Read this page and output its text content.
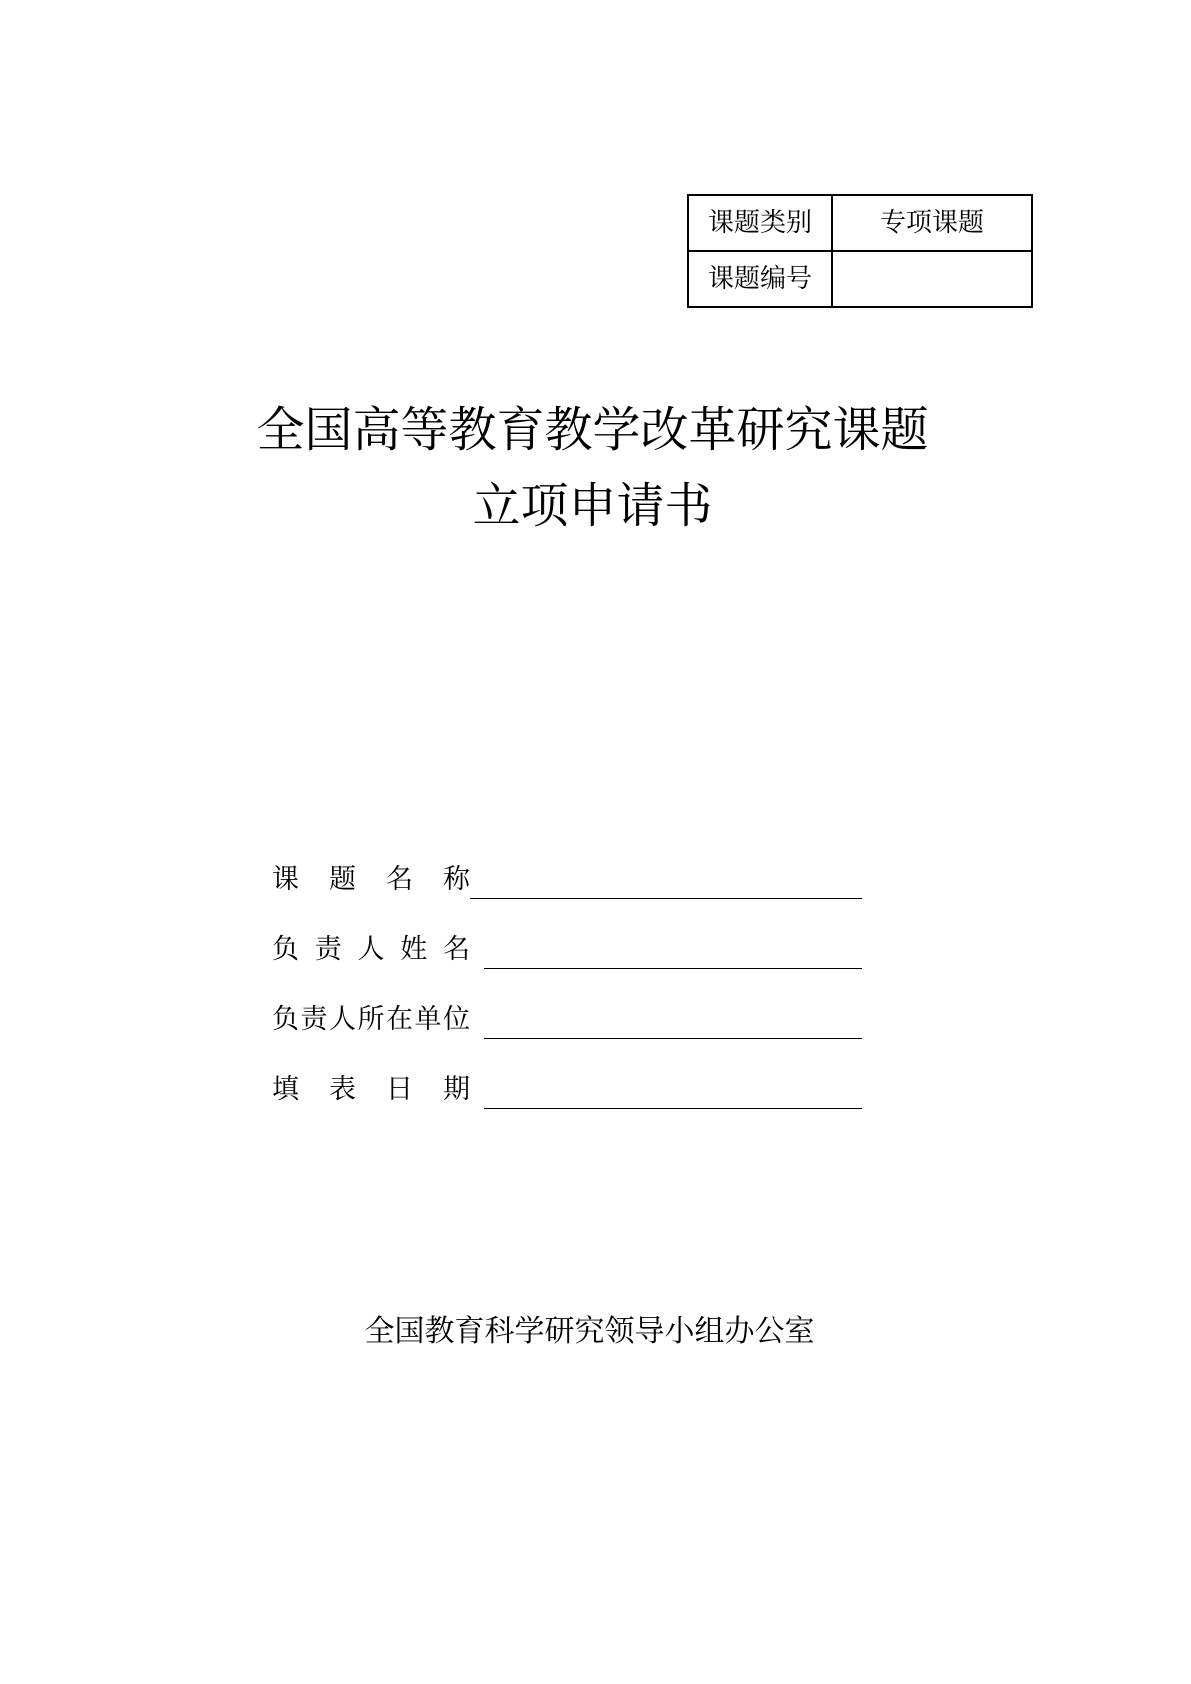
课题类别	专项课题
课题编号	
全国高等教育教学改革研究课题
立项申请书
课 题 名 称
负 责 人 姓 名
负 责 人 所 在 单 位
填 表 日 期
全国教育科学研究领导小组办公室
